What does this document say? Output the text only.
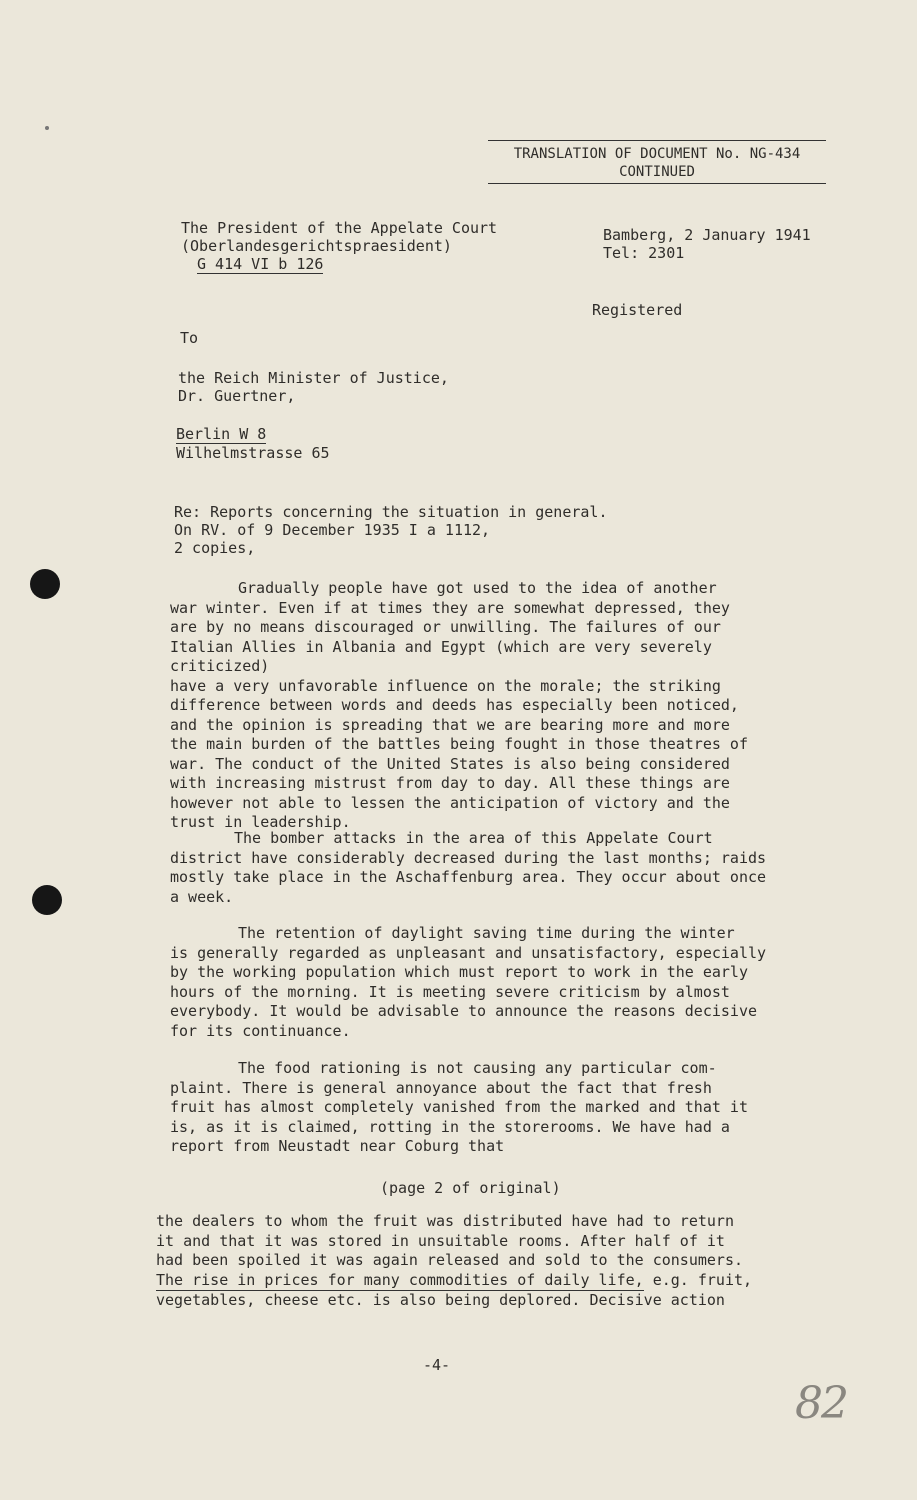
TRANSLATION OF DOCUMENT No. NG-434
CONTINUED
The President of the Appelate Court
(Oberlandesgerichtspraesident)
G 414 VI b 126
Bamberg, 2 January 1941
Tel: 2301
Registered
To
the Reich Minister of Justice,
Dr. Guertner,
Berlin W 8
Wilhelmstrasse 65
Re: Reports concerning the situation in general.
On RV. of 9 December 1935 I a 1112,
2 copies,
Gradually people have got used to the idea of another
war winter. Even if at times they are somewhat depressed, they
are by no means discouraged or unwilling. The failures of our
Italian Allies in Albania and Egypt (which are very severely criticized)
have a very unfavorable influence on the morale; the striking
difference between words and deeds has especially been noticed,
and the opinion is spreading that we are bearing more and more
the main burden of the battles being fought in those theatres of
war. The conduct of the United States is also being considered
with increasing mistrust from day to day. All these things are
however not able to lessen the anticipation of victory and the
trust in leadership.
The bomber attacks in the area of this Appelate Court
district have considerably decreased during the last months; raids
mostly take place in the Aschaffenburg area. They occur about once
a week.
The retention of daylight saving time during the winter
is generally regarded as unpleasant and unsatisfactory, especially
by the working population which must report to work in the early
hours of the morning. It is meeting severe criticism by almost
everybody. It would be advisable to announce the reasons decisive
for its continuance.
The food rationing is not causing any particular com-
plaint. There is general annoyance about the fact that fresh
fruit has almost completely vanished from the marked and that it
is, as it is claimed, rotting in the storerooms. We have had a
report from Neustadt near Coburg that
(page 2 of original)
the dealers to whom the fruit was distributed have had to return
it and that it was stored in unsuitable rooms. After half of it
had been spoiled it was again released and sold to the consumers.
The rise in prices for many commodities of daily life, e.g. fruit,
vegetables, cheese etc. is also being deplored. Decisive action
-4-
82
